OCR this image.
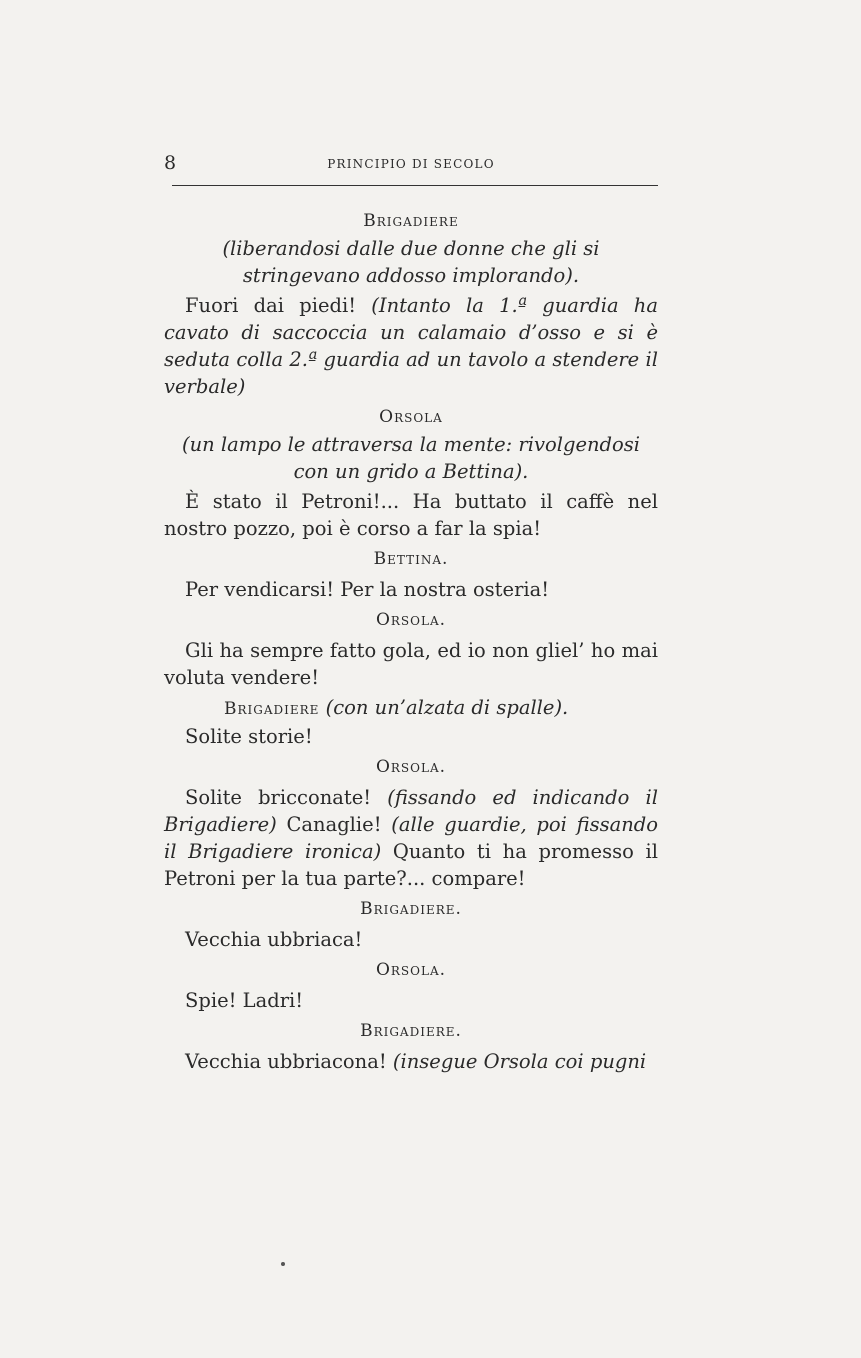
8	PRINCIPIO DI SECOLO
Brigadiere
(liberandosi dalle due donne che gli si stringevano addosso implorando).
Fuori dai piedi! (Intanto la 1.ª guardia ha cavato di saccoccia un calamaio d’osso e si è seduta colla 2.ª guardia ad un tavolo a stendere il verbale)
Orsola
(un lampo le attraversa la mente: rivolgendosi con un grido a Bettina).
È stato il Petroni!... Ha buttato il caffè nel nostro pozzo, poi è corso a far la spia!
Bettina.
Per vendicarsi! Per la nostra osteria!
Orsola.
Gli ha sempre fatto gola, ed io non gliel’ ho mai voluta vendere!
Brigadiere (con un’alzata di spalle).
Solite storie!
Orsola.
Solite bricconate! (fissando ed indicando il Brigadiere) Canaglie! (alle guardie, poi fissando il Brigadiere ironica) Quanto ti ha promesso il Petroni per la tua parte?... compare!
Brigadiere.
Vecchia ubbriaca!
Orsola.
Spie! Ladri!
Brigadiere.
Vecchia ubbriacona! (insegue Orsola coi pugni
